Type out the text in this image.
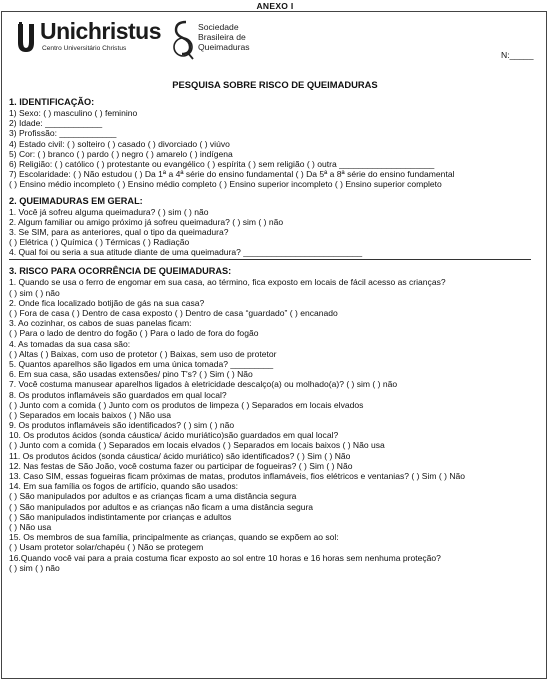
ANEXO I
Unichristus
Centro Universitário Christus
Sociedade
Brasileira de
Queimaduras
N:_____
PESQUISA SOBRE RISCO DE QUEIMADURAS
1. IDENTIFICAÇÃO:
1) Sexo: ( ) masculino ( ) feminino
2) Idade: ____________
3) Profissão: ____________
4) Estado civil: ( ) solteiro ( ) casado ( ) divorciado ( ) viúvo
5) Cor: ( ) branco ( ) pardo ( ) negro ( ) amarelo ( ) indígena
6) Religião: ( ) católico ( ) protestante ou evangélico ( ) espírita ( ) sem religião ( ) outra ____________________
7) Escolaridade: ( ) Não estudou ( ) Da 1ª a 4ª série do ensino fundamental ( ) Da 5ª a 8ª série do ensino fundamental
( ) Ensino médio incompleto ( ) Ensino médio completo ( ) Ensino superior incompleto ( ) Ensino superior completo
2. QUEIMADURAS EM GERAL:
1. Você já sofreu alguma queimadura? ( ) sim ( ) não
2. Algum familiar ou amigo próximo já sofreu queimadura? ( ) sim ( ) não
3. Se SIM, para as anteriores, qual o tipo da queimadura?
( ) Elétrica ( ) Química ( ) Térmicas ( ) Radiação
4. Qual foi ou seria a sua atitude diante de uma queimadura? _________________________
3. RISCO PARA OCORRÊNCIA DE QUEIMADURAS:
1. Quando se usa o ferro de engomar em sua casa, ao término, fica exposto em locais de fácil acesso as crianças?
( ) sim ( ) não
2. Onde fica localizado botijão de gás na sua casa?
( ) Fora de casa ( ) Dentro de casa exposto ( ) Dentro de casa “guardado” ( ) encanado
3. Ao cozinhar, os cabos de suas panelas ficam:
( ) Para o lado de dentro do fogão ( ) Para o lado de fora do fogão
4. As tomadas da sua casa são:
( ) Altas ( ) Baixas, com uso de protetor ( ) Baixas, sem uso de protetor
5. Quantos aparelhos são ligados em uma única tomada? _________
6. Em sua casa, são usadas extensões/ pino T's? ( ) Sim ( ) Não
7. Você costuma manusear aparelhos ligados à eletricidade descalço(a) ou molhado(a)? ( ) sim ( ) não
8. Os produtos inflamáveis são guardados em qual local?
( ) Junto com a comida ( ) Junto com os produtos de limpeza ( ) Separados em locais elvados
( ) Separados em locais baixos ( ) Não usa
9. Os produtos inflamáveis são identificados? ( ) sim ( ) não
10. Os produtos ácidos (sonda cáustica/ ácido muriático)são guardados em qual local?
( ) Junto com a comida ( ) Separados em locais elvados ( ) Separados em locais baixos ( ) Não usa
11. Os produtos ácidos (sonda cáustica/ ácido muriático) são identificados? ( ) Sim ( ) Não
12. Nas festas de São João, você costuma fazer ou participar de fogueiras? ( ) Sim ( ) Não
13. Caso SIM, essas fogueiras ficam próximas de matas, produtos inflamáveis, fios elétricos e ventanias? ( ) Sim ( ) Não
14. Em sua família os fogos de artifício, quando são usados:
( ) São manipulados por adultos e as crianças ficam a uma distância segura
( ) São manipulados por adultos e as crianças não ficam a uma distância segura
( ) São manipulados indistintamente por crianças e adultos
( ) Não usa
15. Os membros de sua família, principalmente as crianças, quando se expõem ao sol:
( ) Usam protetor solar/chapéu ( ) Não se protegem
16.Quando você vai para a praia costuma ficar exposto ao sol entre 10 horas e 16 horas sem nenhuma proteção?
( ) sim ( ) não
